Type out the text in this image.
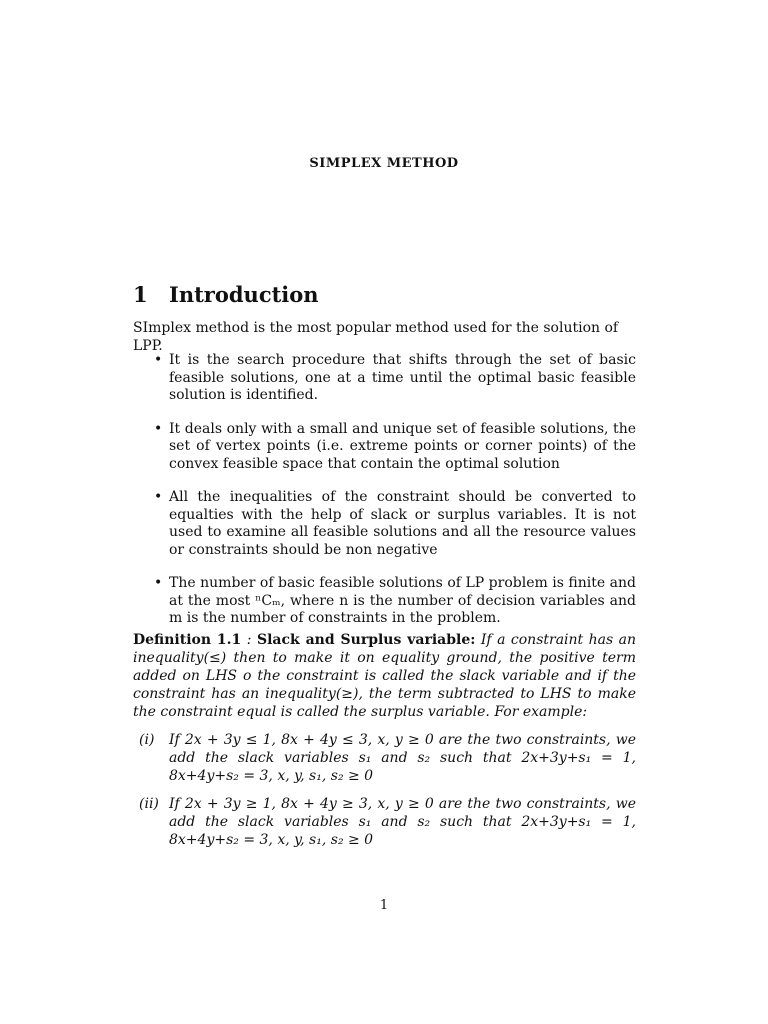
SIMPLEX METHOD
1 Introduction
SImplex method is the most popular method used for the solution of LPP.
• It is the search procedure that shifts through the set of basic feasible solutions, one at a time until the optimal basic feasible solution is identified.
• It deals only with a small and unique set of feasible solutions, the set of vertex points (i.e. extreme points or corner points) of the convex feasible space that contain the optimal solution
• All the inequalities of the constraint should be converted to equalties with the help of slack or surplus variables. It is not used to examine all feasible solutions and all the resource values or constraints should be non negative
• The number of basic feasible solutions of LP problem is finite and at the most ⁿCₘ, where n is the number of decision variables and m is the number of constraints in the problem.
Definition 1.1 : Slack and Surplus variable: If a constraint has an inequality(≤) then to make it on equality ground, the positive term added on LHS o the constraint is called the slack variable and if the constraint has an inequality(≥), the term subtracted to LHS to make the constraint equal is called the surplus variable. For example:
(i) If 2x + 3y ≤ 1, 8x + 4y ≤ 3, x, y ≥ 0 are the two constraints, we add the slack variables s₁ and s₂ such that 2x+3y+s₁ = 1, 8x+4y+s₂ = 3, x, y, s₁, s₂ ≥ 0
(ii) If 2x + 3y ≥ 1, 8x + 4y ≥ 3, x, y ≥ 0 are the two constraints, we add the slack variables s₁ and s₂ such that 2x+3y+s₁ = 1, 8x+4y+s₂ = 3, x, y, s₁, s₂ ≥ 0
1
